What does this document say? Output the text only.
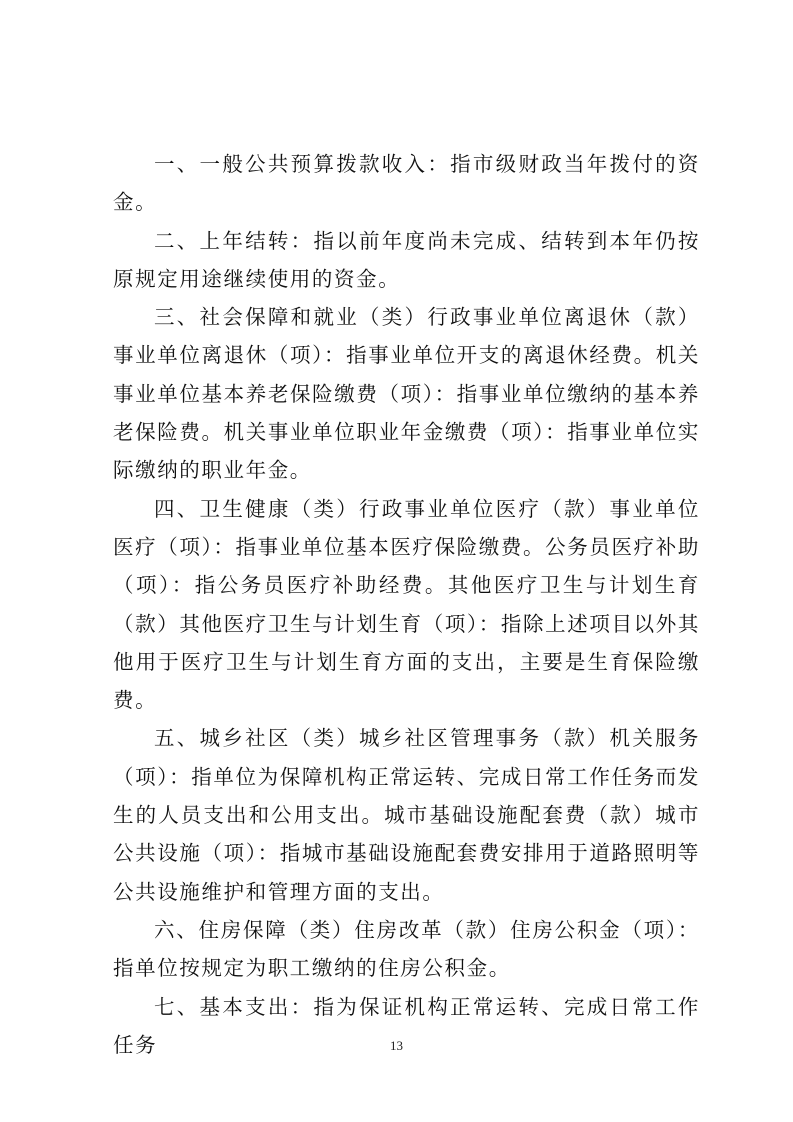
一、一般公共预算拨款收入：指市级财政当年拨付的资金。

二、上年结转：指以前年度尚未完成、结转到本年仍按原规定用途继续使用的资金。

三、社会保障和就业（类）行政事业单位离退休（款）事业单位离退休（项）：指事业单位开支的离退休经费。机关事业单位基本养老保险缴费（项）：指事业单位缴纳的基本养老保险费。机关事业单位职业年金缴费（项）：指事业单位实际缴纳的职业年金。

四、卫生健康（类）行政事业单位医疗（款）事业单位医疗（项）：指事业单位基本医疗保险缴费。公务员医疗补助（项）：指公务员医疗补助经费。其他医疗卫生与计划生育（款）其他医疗卫生与计划生育（项）：指除上述项目以外其他用于医疗卫生与计划生育方面的支出，主要是生育保险缴费。

五、城乡社区（类）城乡社区管理事务（款）机关服务（项）：指单位为保障机构正常运转、完成日常工作任务而发生的人员支出和公用支出。城市基础设施配套费（款）城市公共设施（项）：指城市基础设施配套费安排用于道路照明等公共设施维护和管理方面的支出。

六、住房保障（类）住房改革（款）住房公积金（项）：指单位按规定为职工缴纳的住房公积金。

七、基本支出：指为保证机构正常运转、完成日常工作任务	13
